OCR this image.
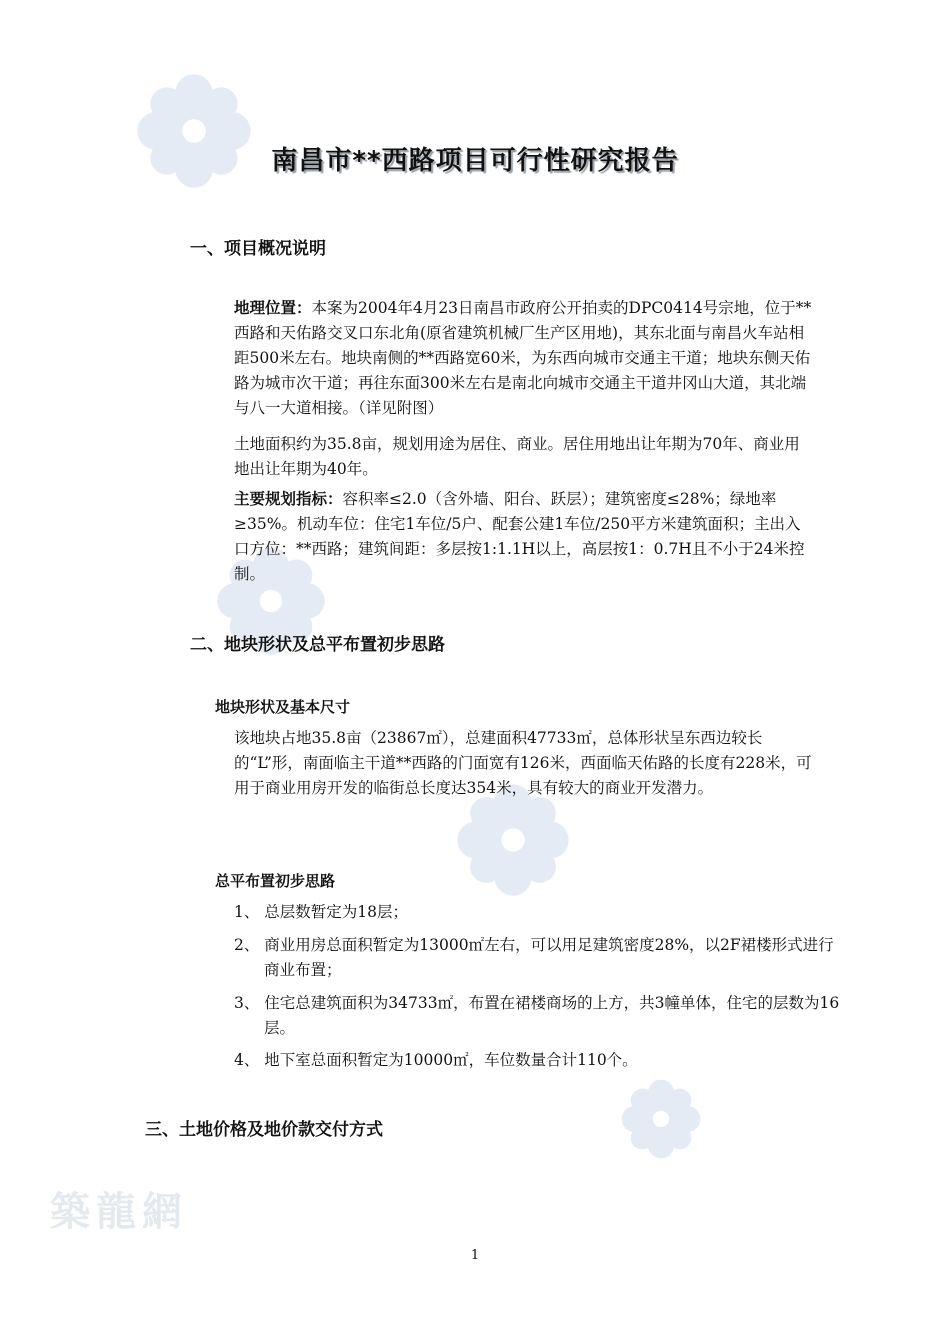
築龍網
南昌市**西路项目可行性研究报告
一、项目概况说明

地理位置：本案为2004年4月23日南昌市政府公开拍卖的DPC0414号宗地，位于**西路和天佑路交叉口东北角(原省建筑机械厂生产区用地)，其东北面与南昌火车站相距500米左右。地块南侧的**西路宽60米，为东西向城市交通主干道；地块东侧天佑路为城市次干道；再往东面300米左右是南北向城市交通主干道井冈山大道，其北端与八一大道相接。（详见附图）

土地面积约为35.8亩，规划用途为居住、商业。居住用地出让年期为70年、商业用地出让年期为40年。

主要规划指标：容积率≤2.0（含外墙、阳台、跃层）；建筑密度≤28%；绿地率≥35%。机动车位：住宅1车位/5户、配套公建1车位/250平方米建筑面积；主出入口方位：**西路；建筑间距：多层按1:1.1H以上，高层按1：0.7H且不小于24米控制。

二、地块形状及总平布置初步思路
地块形状及基本尺寸

该地块占地35.8亩（23867㎡），总建面积47733㎡，总体形状呈东西边较长的“L”形，南面临主干道**西路的门面宽有126米，西面临天佑路的长度有228米，可用于商业用房开发的临街总长度达354米，具有较大的商业开发潜力。

总平布置初步思路

1、 总层数暂定为18层；

2、 商业用房总面积暂定为13000㎡左右，可以用足建筑密度28%，以2F裙楼形式进行商业布置；

3、 住宅总建筑面积为34733㎡，布置在裙楼商场的上方，共3幢单体，住宅的层数为16层。

4、 地下室总面积暂定为10000㎡，车位数量合计110个。

三、土地价格及地价款交付方式
1
